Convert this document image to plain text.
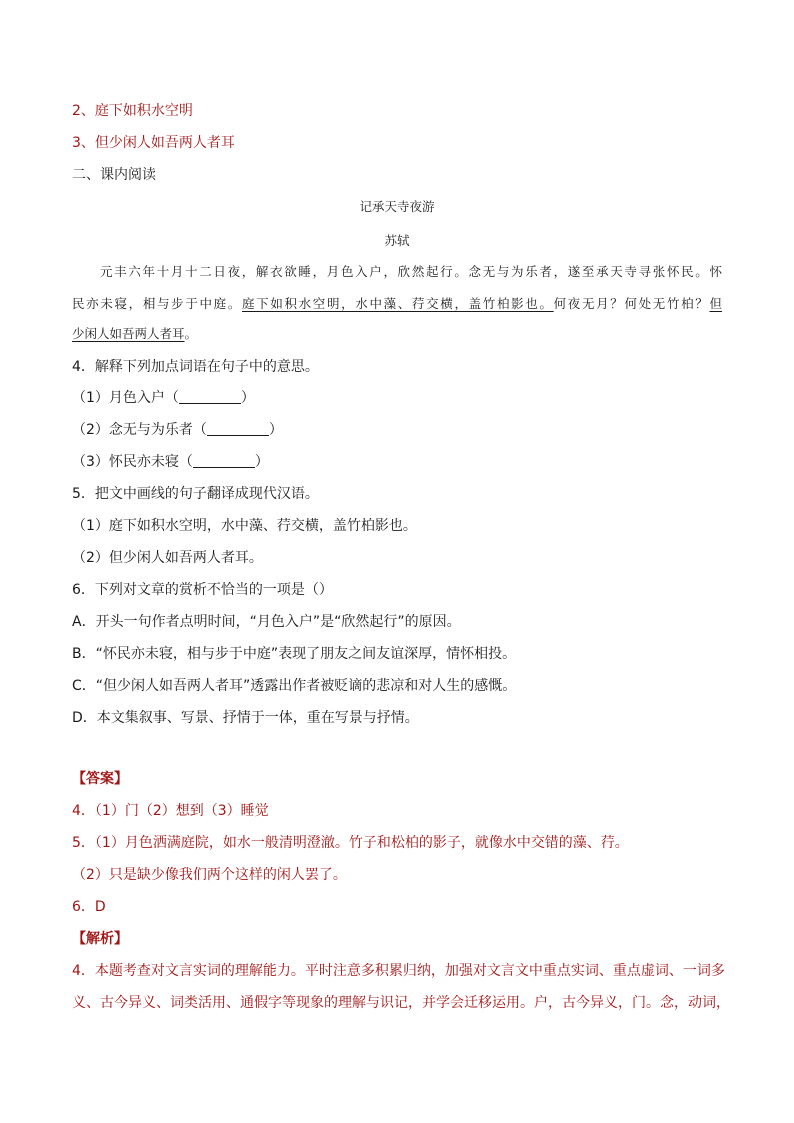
2、庭下如积水空明
3、但少闲人如吾两人者耳
二、课内阅读
记承天寺夜游
苏轼
元丰六年十月十二日夜，解衣欲睡，月色入户，欣然起行。念无与为乐者，遂至承天寺寻张怀民。怀
民亦未寝，相与步于中庭。庭下如积水空明，水中藻、荇交横，盖竹柏影也。何夜无月？何处无竹柏？但
少闲人如吾两人者耳。
4．解释下列加点词语在句子中的意思。
（1）月色入户（	）
（2）念无与为乐者（	）
（3）怀民亦未寝（	）
5．把文中画线的句子翻译成现代汉语。
（1）庭下如积水空明，水中藻、荇交横，盖竹柏影也。
（2）但少闲人如吾两人者耳。
6．下列对文章的赏析不恰当的一项是（）
A．开头一句作者点明时间，“月色入户”是“欣然起行”的原因。
B．“怀民亦未寝，相与步于中庭”表现了朋友之间友谊深厚，情怀相投。
C．“但少闲人如吾两人者耳”透露出作者被贬谪的悲凉和对人生的感慨。
D．本文集叙事、写景、抒情于一体，重在写景与抒情。
【答案】
4．（1）门（2）想到（3）睡觉
5．（1）月色洒满庭院，如水一般清明澄澈。竹子和松柏的影子，就像水中交错的藻、荇。
（2）只是缺少像我们两个这样的闲人罢了。
6．D
【解析】
4．本题考查对文言实词的理解能力。平时注意多积累归纳，加强对文言文中重点实词、重点虚词、一词多
义、古今异义、词类活用、通假字等现象的理解与识记，并学会迁移运用。户，古今异义，门。念，动词，
